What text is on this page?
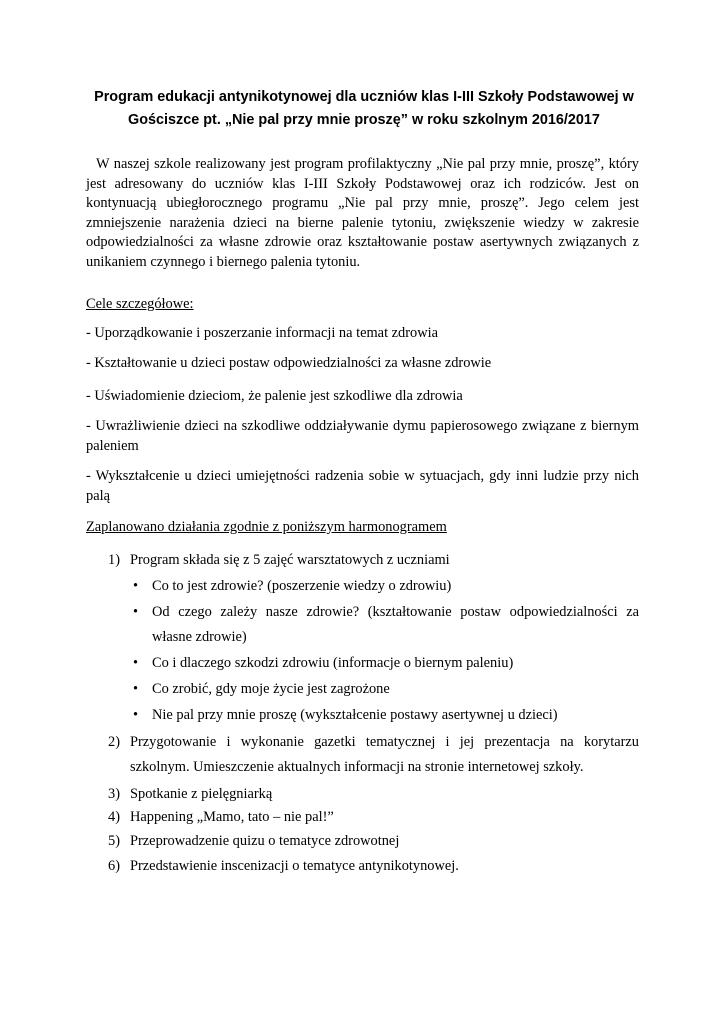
Program edukacji antynikotynowej dla uczniów klas I-III Szkoły Podstawowej w Gościszce pt. „Nie pal przy mnie proszę” w roku szkolnym 2016/2017

W naszej szkole realizowany jest program profilaktyczny „Nie pal przy mnie, proszę”, który jest adresowany do uczniów klas I-III Szkoły Podstawowej oraz ich rodziców. Jest on kontynuacją ubiegłorocznego programu „Nie pal przy mnie, proszę”. Jego celem jest zmniejszenie narażenia dzieci na bierne palenie tytoniu, zwiększenie wiedzy w zakresie odpowiedzialności za własne zdrowie oraz kształtowanie postaw asertywnych związanych z unikaniem czynnego i biernego palenia tytoniu.

Cele szczegółowe:

- Uporządkowanie i poszerzanie informacji na temat zdrowia

- Kształtowanie u dzieci postaw odpowiedzialności za własne zdrowie

- Uświadomienie dzieciom, że palenie jest szkodliwe dla zdrowia

- Uwrażliwienie dzieci na szkodliwe oddziaływanie dymu papierosowego związane z biernym paleniem

- Wykształcenie u dzieci umiejętności radzenia sobie w sytuacjach, gdy inni ludzie przy nich palą

Zaplanowano działania zgodnie z poniższym harmonogramem

1) Program składa się z 5 zajęć warsztatowych z uczniami
• Co to jest zdrowie? (poszerzenie wiedzy o zdrowiu)
• Od czego zależy nasze zdrowie? (kształtowanie postaw odpowiedzialności za własne zdrowie)
• Co i dlaczego szkodzi zdrowiu (informacje o biernym paleniu)
• Co zrobić, gdy moje życie jest zagrożone
• Nie pal przy mnie proszę (wykształcenie postawy asertywnej u dzieci)
2) Przygotowanie i wykonanie gazetki tematycznej i jej prezentacja na korytarzu szkolnym. Umieszczenie aktualnych informacji na stronie internetowej szkoły.
3) Spotkanie z pielęgniarką
4) Happening „Mamo, tato – nie pal!”
5) Przeprowadzenie quizu o tematyce zdrowotnej
6) Przedstawienie inscenizacji o tematyce antynikotynowej.
